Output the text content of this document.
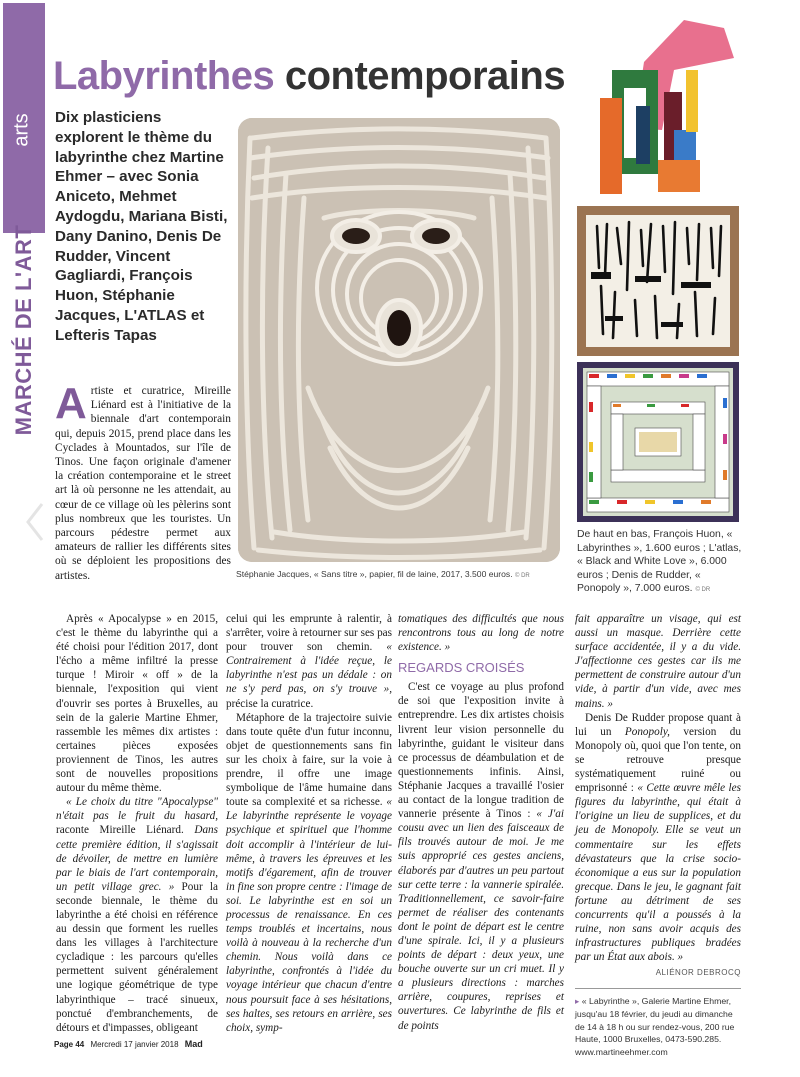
arts
MARCHÉ DE L'ART
Labyrinthes contemporains
Dix plasticiens explorent le thème du labyrinthe chez Martine Ehmer – avec Sonia Aniceto, Mehmet Aydogdu, Mariana Bisti, Dany Danino, Denis De Rudder, Vincent Gagliardi, François Huon, Stéphanie Jacques, L'ATLAS et Lefteris Tapas
Artiste et curatrice, Mireille Liénard est à l'initiative de la biennale d'art contemporain qui, depuis 2015, prend place dans les Cyclades à Mountados, sur l'île de Tinos. Une façon originale d'amener la création contemporaine et le street art là où personne ne les attendait, au cœur de ce village où les pèlerins sont plus nombreux que les touristes. Un parcours pédestre permet aux amateurs de rallier les différents sites où se déploient les propositions des artistes.	Stéphanie Jacques, « Sans titre », papier, fil de laine, 2017, 3.500 euros. © DR
De haut en bas, François Huon, « Labyrinthes », 1.600 euros ; L'atlas, « Black and White Love », 6.000 euros ; Denis de Rudder, « Ponopoly », 7.000 euros. © DR

Après « Apocalypse » en 2015, c'est le thème du labyrinthe qui a été choisi pour l'édition 2017, dont l'écho a même infiltré la presse turque ! Miroir « off » de la biennale, l'exposition qui vient d'ouvrir ses portes à Bruxelles, au sein de la galerie Martine Ehmer, rassemble les mêmes dix artistes : certaines pièces exposées proviennent de Tinos, les autres sont de nouvelles propositions autour du même thème.

« Le choix du titre "Apocalypse" n'était pas le fruit du hasard, raconte Mireille Liénard. Dans cette première édition, il s'agissait de dévoiler, de mettre en lumière par le biais de l'art contemporain, un petit village grec. » Pour la seconde biennale, le thème du labyrinthe a été choisi en référence au dessin que forment les ruelles dans les villages à l'architecture cycladique : les parcours qu'elles permettent suivent généralement une logique géométrique de type labyrinthique – tracé sinueux, ponctué d'embranchements, de détours et d'impasses, obligeant

celui qui les emprunte à ralentir, à s'arrêter, voire à retourner sur ses pas pour trouver son chemin. « Contrairement à l'idée reçue, le labyrinthe n'est pas un dédale : on ne s'y perd pas, on s'y trouve », précise la curatrice.

Métaphore de la trajectoire suivie dans toute quête d'un futur inconnu, objet de questionnements sans fin sur les choix à faire, sur la voie à prendre, il offre une image symbolique de l'âme humaine dans toute sa complexité et sa richesse. « Le labyrinthe représente le voyage psychique et spirituel que l'homme doit accomplir à l'intérieur de lui-même, à travers les épreuves et les motifs d'égarement, afin de trouver in fine son propre centre : l'image de soi. Le labyrinthe est en soi un processus de renaissance. En ces temps troublés et incertains, nous voilà à nouveau à la recherche d'un chemin. Nous voilà dans ce labyrinthe, confrontés à l'idée du voyage intérieur que chacun d'entre nous poursuit face à ses hésitations, ses haltes, ses retours en arrière, ses choix, symp-

tomatiques des difficultés que nous rencontrons tous au long de notre existence. »

REGARDS CROISÉS

C'est ce voyage au plus profond de soi que l'exposition invite à entreprendre. Les dix artistes choisis livrent leur vision personnelle du labyrinthe, guidant le visiteur dans ce processus de déambulation et de questionnements infinis. Ainsi, Stéphanie Jacques a travaillé l'osier au contact de la longue tradition de vannerie présente à Tinos : « J'ai cousu avec un lien des faisceaux de fils trouvés autour de moi. Je me suis approprié ces gestes anciens, élaborés par d'autres un peu partout sur cette terre : la vannerie spiralée. Traditionnellement, ce savoir-faire permet de réaliser des contenants dont le point de départ est le centre d'une spirale. Ici, il y a plusieurs points de départ : deux yeux, une bouche ouverte sur un cri muet. Il y a plusieurs directions : marches arrière, coupures, reprises et ouvertures. Ce labyrinthe de fils et de points

fait apparaître un visage, qui est aussi un masque. Derrière cette surface accidentée, il y a du vide. J'affectionne ces gestes car ils me permettent de construire autour d'un vide, à partir d'un vide, avec mes mains. »

Denis De Rudder propose quant à lui un Ponopoly, version du Monopoly où, quoi que l'on tente, on se retrouve presque systématiquement ruiné ou emprisonné : « Cette œuvre mêle les figures du labyrinthe, qui était à l'origine un lieu de supplices, et du jeu de Monopoly. Elle se veut un commentaire sur les effets dévastateurs que la crise socio-économique a eus sur la population grecque. Dans le jeu, le gagnant fait fortune au détriment de ses concurrents qu'il a poussés à la ruine, non sans avoir acquis des infrastructures publiques bradées par un État aux abois. »

ALIÉNOR DEBROCQ
▸ « Labyrinthe », Galerie Martine Ehmer, jusqu'au 18 février, du jeudi au dimanche de 14 à 18 h ou sur rendez-vous, 200 rue Haute, 1000 Bruxelles, 0473-590.285. www.martineehmer.com
Page 44 Mercredi 17 janvier 2018 Mad
